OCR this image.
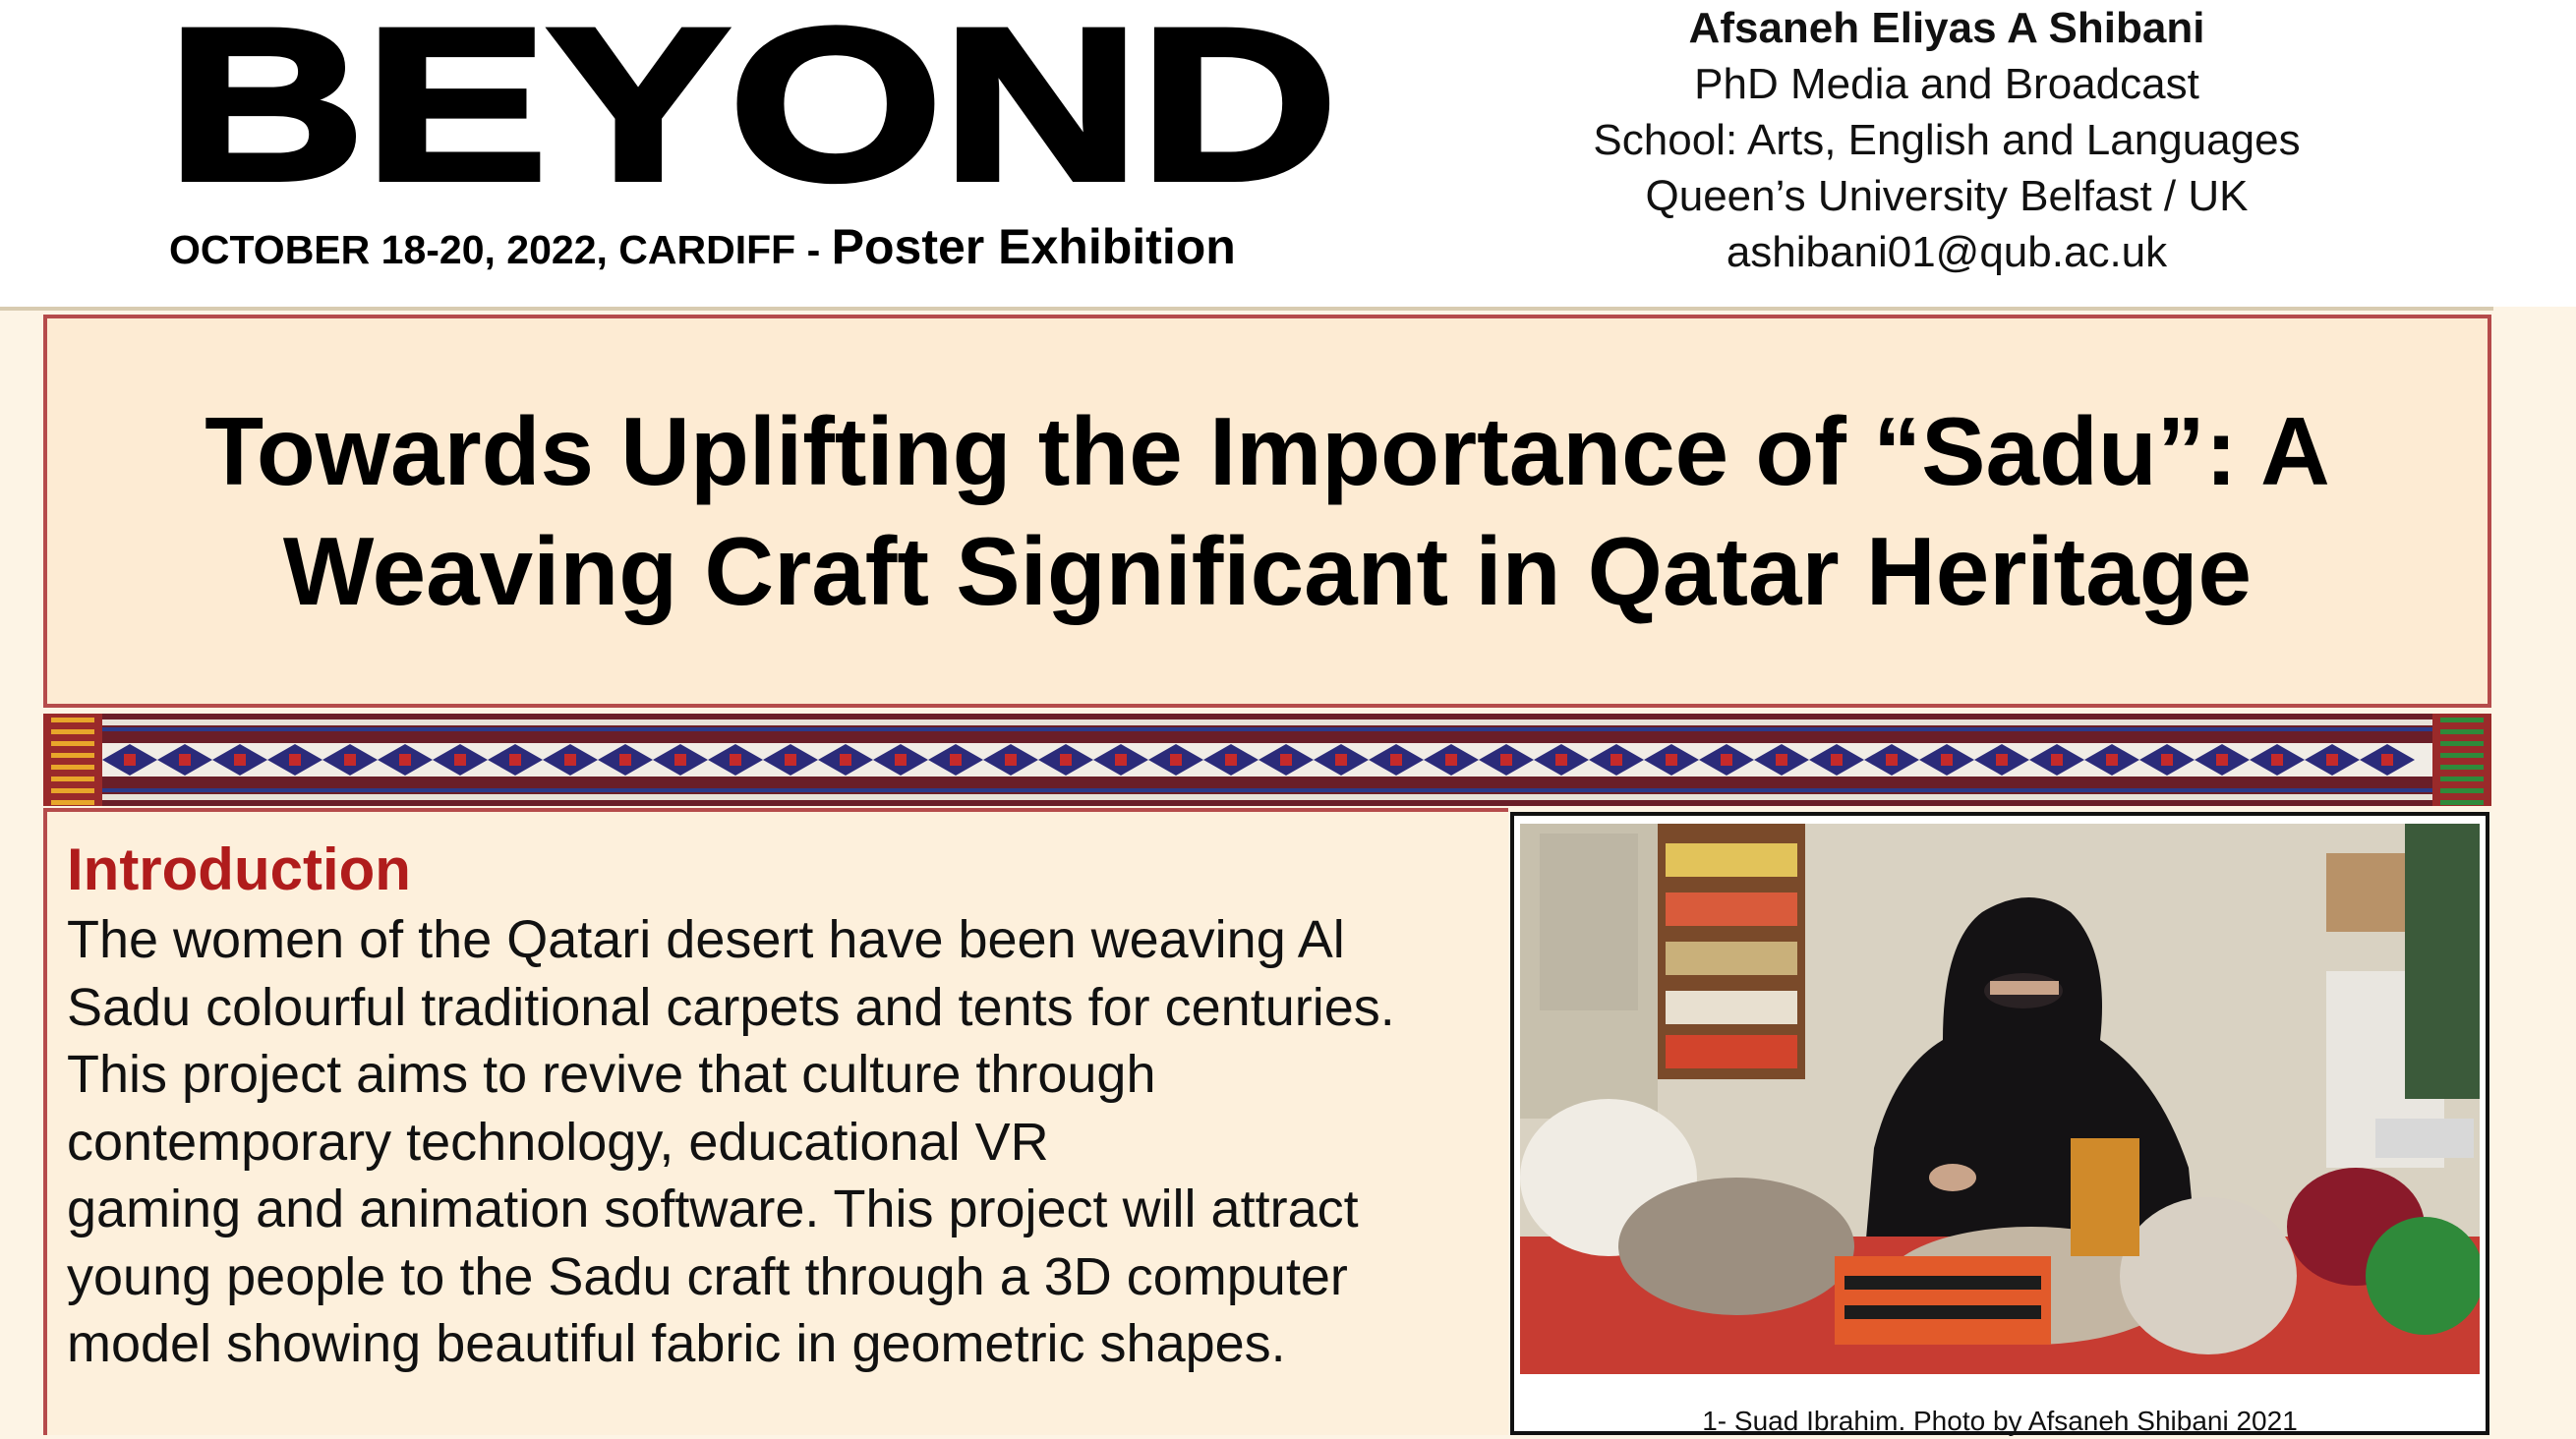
BEYOND
OCTOBER 18-20, 2022, CARDIFF - Poster Exhibition
Afsaneh Eliyas A Shibani
PhD Media and Broadcast
School: Arts, English and Languages
Queen’s University Belfast / UK
ashibani01@qub.ac.uk
Towards Uplifting the Importance of “Sadu”: A
Weaving Craft Significant in Qatar Heritage
Introduction
The women of the Qatari desert have been weaving Al
Sadu colourful traditional carpets and tents for centuries.
This project aims to revive that culture through
contemporary technology, educational VR
gaming and animation software. This project will attract
young people to the Sadu craft through a 3D computer
model showing beautiful fabric in geometric shapes.
1- Suad Ibrahim. Photo by Afsaneh Shibani 2021
